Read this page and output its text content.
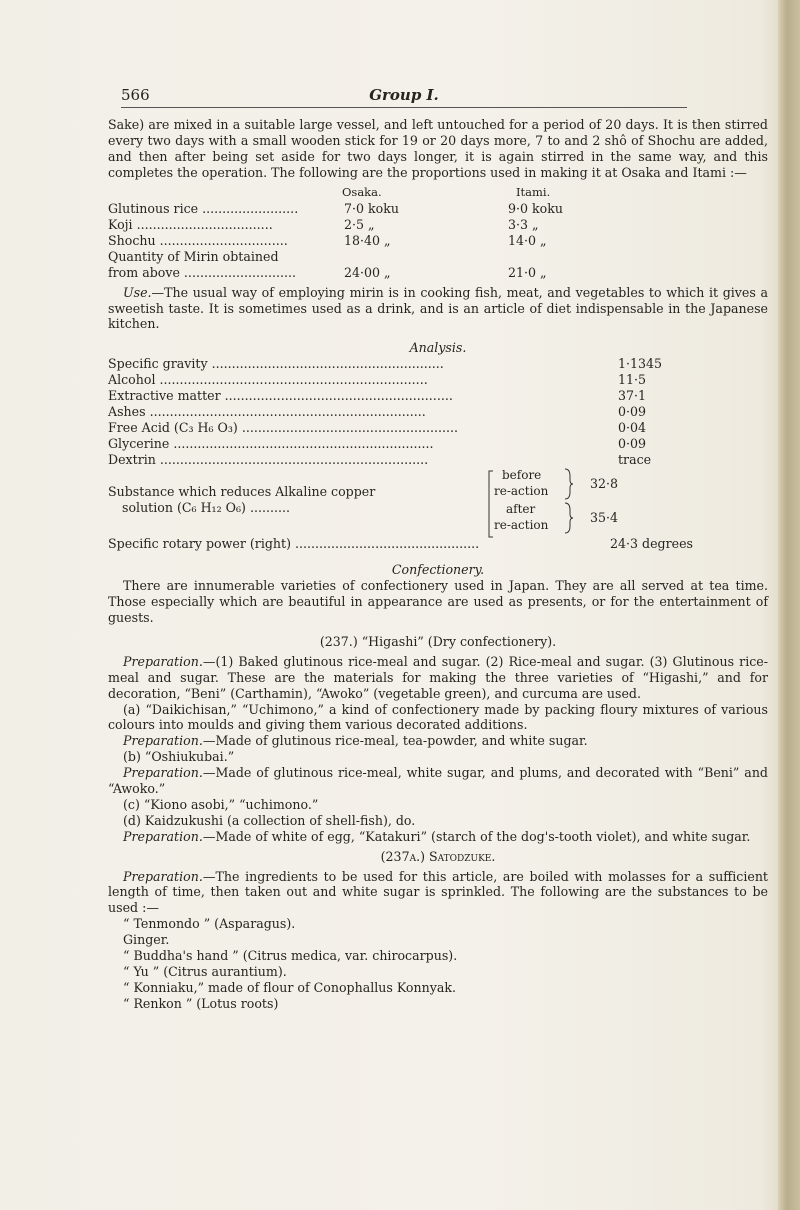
566	Group I.

Sake) are mixed in a suitable large vessel, and left untouched for a period of 20 days. It is then stirred every two days with a small wooden stick for 19 or 20 days more, 7 to and 2 shô of Shochu are added, and then after being set aside for two days longer, it is again stirred in the same way, and this completes the operation. The following are the proportions used in making it at Osaka and Itami :—

Osaka.	Itami.
Glutinous rice ........................	7·0 koku	9·0 koku
Koji ..................................	2·5 „	3·3 „
Shochu ................................	18·40 „	14·0 „
Quantity of Mirin obtained
from above ............................	24·00 „	21·0 „

Use.—The usual way of employing mirin is in cooking fish, meat, and vegetables to which it gives a sweetish taste. It is sometimes used as a drink, and is an article of diet indispensable in the Japanese kitchen.

Analysis.

Specific gravity ..........................................................	1·1345
Alcohol ...................................................................	11·5
Extractive matter .........................................................	37·1
Ashes .....................................................................	0·09
Free Acid (C₃ H₆ O₃) ......................................................	0·04
Glycerine .................................................................	0·09
Dextrin ...................................................................	trace
Substance which reduces Alkaline copper
solution (C₆ H₁₂ O₆) ..........
before
re-action	32·8
after
re-action	35·4
Specific rotary power (right) ..............................................	24·3 degrees

Confectionery.

There are innumerable varieties of confectionery used in Japan. They are all served at tea time. Those especially which are beautiful in appearance are used as presents, or for the entertainment of guests.

(237.) “Higashi” (Dry confectionery).

Preparation.—(1) Baked glutinous rice-meal and sugar. (2) Rice-meal and sugar. (3) Glutinous rice-meal and sugar. These are the materials for making the three varieties of “Higashi,” and for decoration, “Beni” (Carthamin), “Awoko” (vegetable green), and curcuma are used.

(a) “Daikichisan,” “Uchimono,” a kind of confectionery made by packing floury mixtures of various colours into moulds and giving them various decorated additions.

Preparation.—Made of glutinous rice-meal, tea-powder, and white sugar.

(b) “Oshiukubai.”

Preparation.—Made of glutinous rice-meal, white sugar, and plums, and decorated with “Beni” and “Awoko.”

(c) “Kiono asobi,” “uchimono.”

(d) Kaidzukushi (a collection of shell-fish), do.

Preparation.—Made of white of egg, “Katakuri” (starch of the dog's-tooth violet), and white sugar.

(237a.) Satodzuke.

Preparation.—The ingredients to be used for this article, are boiled with molasses for a sufficient length of time, then taken out and white sugar is sprinkled. The following are the substances to be used :—

“ Tenmondo ” (Asparagus).
Ginger.
“ Buddha's hand ” (Citrus medica, var. chirocarpus).
“ Yu ” (Citrus aurantium).
“ Konniaku,” made of flour of Conophallus Konnyak.
“ Renkon ” (Lotus roots)
